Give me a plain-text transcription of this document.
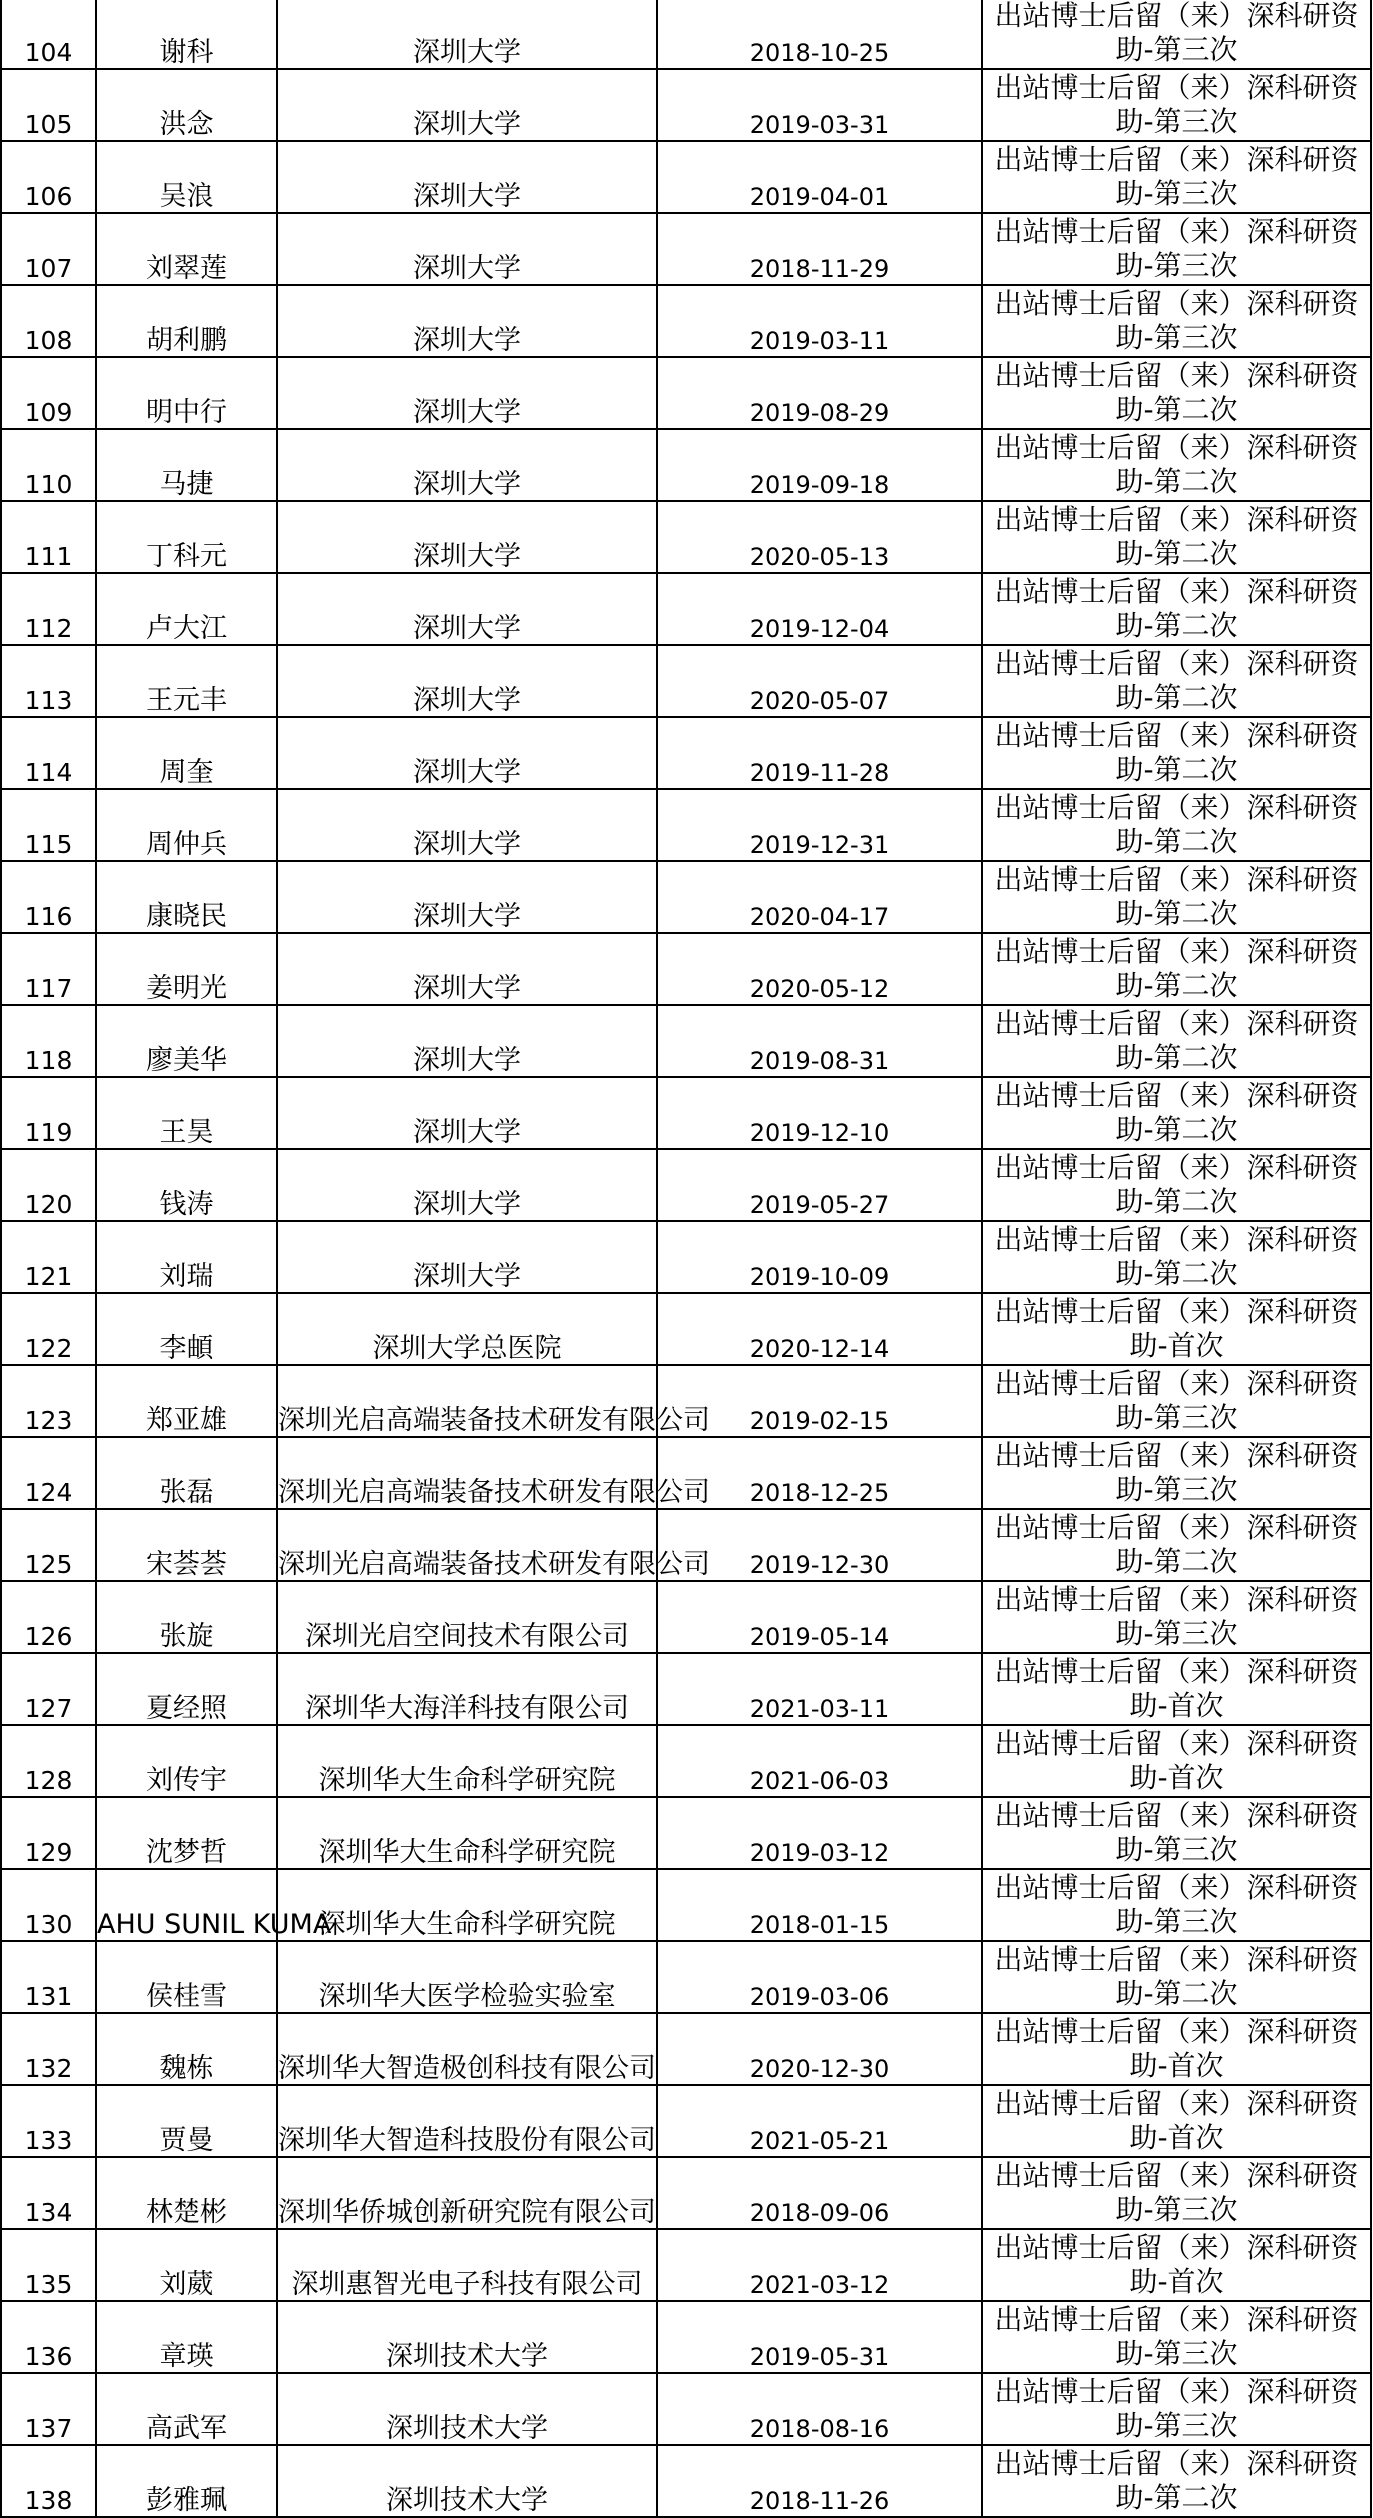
104	谢科	深圳大学	2018-10-25	出站博士后留（来）深科研资
助-第三次

105	洪念	深圳大学	2019-03-31	出站博士后留（来）深科研资
助-第三次

106	吴浪	深圳大学	2019-04-01	出站博士后留（来）深科研资
助-第三次

107	刘翠莲	深圳大学	2018-11-29	出站博士后留（来）深科研资
助-第三次

108	胡利鹏	深圳大学	2019-03-11	出站博士后留（来）深科研资
助-第三次

109	明中行	深圳大学	2019-08-29	出站博士后留（来）深科研资
助-第二次

110	马捷	深圳大学	2019-09-18	出站博士后留（来）深科研资
助-第二次

111	丁科元	深圳大学	2020-05-13	出站博士后留（来）深科研资
助-第二次

112	卢大江	深圳大学	2019-12-04	出站博士后留（来）深科研资
助-第二次

113	王元丰	深圳大学	2020-05-07	出站博士后留（来）深科研资
助-第二次

114	周奎	深圳大学	2019-11-28	出站博士后留（来）深科研资
助-第二次

115	周仲兵	深圳大学	2019-12-31	出站博士后留（来）深科研资
助-第二次

116	康晓民	深圳大学	2020-04-17	出站博士后留（来）深科研资
助-第二次

117	姜明光	深圳大学	2020-05-12	出站博士后留（来）深科研资
助-第二次

118	廖美华	深圳大学	2019-08-31	出站博士后留（来）深科研资
助-第二次

119	王昊	深圳大学	2019-12-10	出站博士后留（来）深科研资
助-第二次

120	钱涛	深圳大学	2019-05-27	出站博士后留（来）深科研资
助-第二次

121	刘瑞	深圳大学	2019-10-09	出站博士后留（来）深科研资
助-第二次

122	李頔	深圳大学总医院	2020-12-14	出站博士后留（来）深科研资
助-首次

123	郑亚雄	深圳光启高端装备技术研发有限公司	2019-02-15	出站博士后留（来）深科研资
助-第三次

124	张磊	深圳光启高端装备技术研发有限公司	2018-12-25	出站博士后留（来）深科研资
助-第三次

125	宋荟荟	深圳光启高端装备技术研发有限公司	2019-12-30	出站博士后留（来）深科研资
助-第二次

126	张旋	深圳光启空间技术有限公司	2019-05-14	出站博士后留（来）深科研资
助-第三次

127	夏经照	深圳华大海洋科技有限公司	2021-03-11	出站博士后留（来）深科研资
助-首次

128	刘传宇	深圳华大生命科学研究院	2021-06-03	出站博士后留（来）深科研资
助-首次

129	沈梦哲	深圳华大生命科学研究院	2019-03-12	出站博士后留（来）深科研资
助-第三次

130	AHU SUNIL KUMA	深圳华大生命科学研究院	2018-01-15	出站博士后留（来）深科研资
助-第三次

131	侯桂雪	深圳华大医学检验实验室	2019-03-06	出站博士后留（来）深科研资
助-第二次

132	魏栋	深圳华大智造极创科技有限公司	2020-12-30	出站博士后留（来）深科研资
助-首次

133	贾曼	深圳华大智造科技股份有限公司	2021-05-21	出站博士后留（来）深科研资
助-首次

134	林楚彬	深圳华侨城创新研究院有限公司	2018-09-06	出站博士后留（来）深科研资
助-第三次

135	刘葳	深圳惠智光电子科技有限公司	2021-03-12	出站博士后留（来）深科研资
助-首次

136	章瑛	深圳技术大学	2019-05-31	出站博士后留（来）深科研资
助-第三次

137	高武军	深圳技术大学	2018-08-16	出站博士后留（来）深科研资
助-第三次

138	彭雅珮	深圳技术大学	2018-11-26	出站博士后留（来）深科研资
助-第二次
